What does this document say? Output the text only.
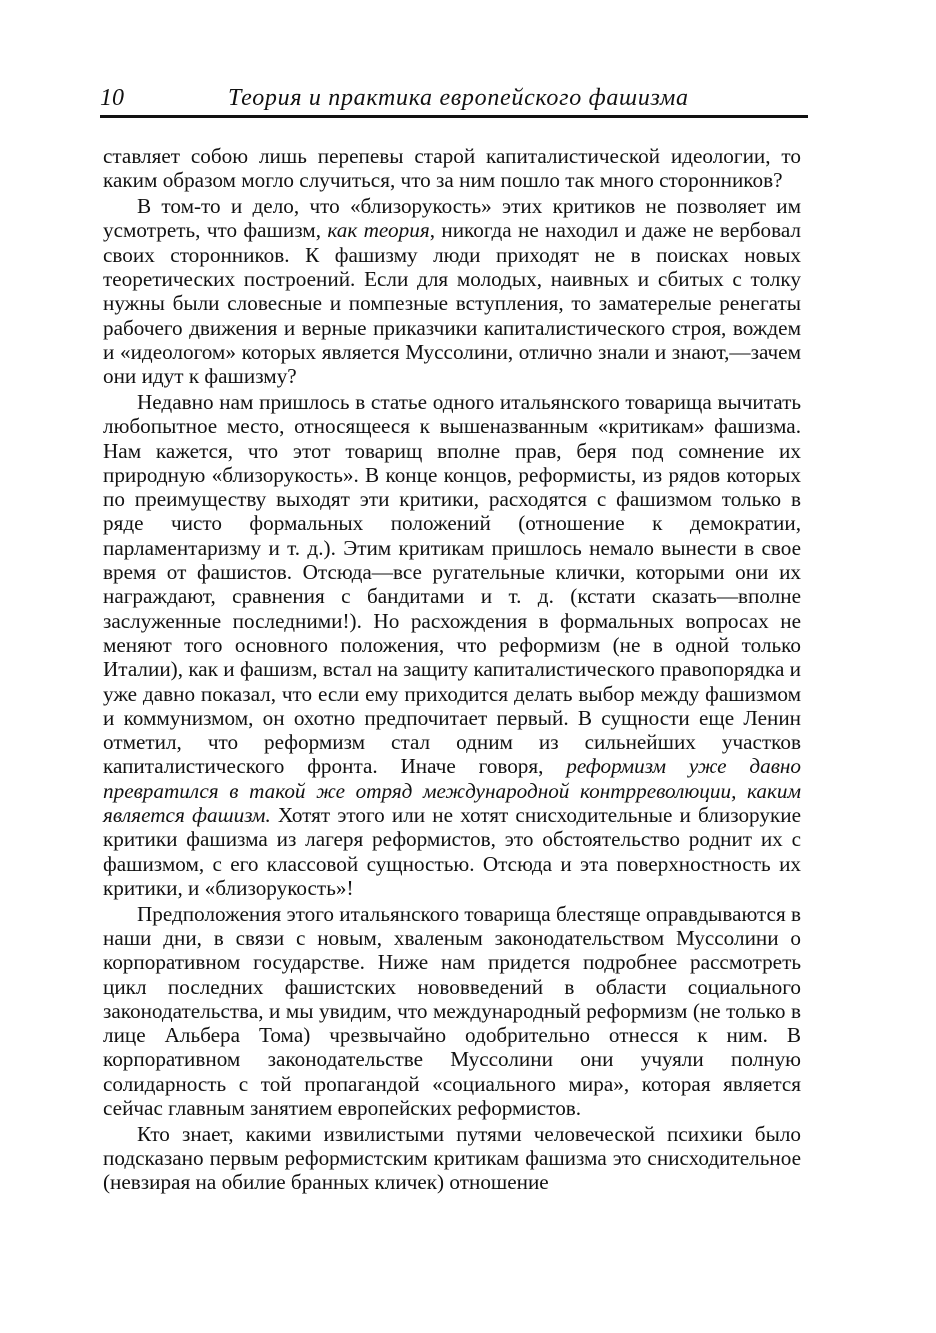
10	Теория и практика европейского фашизма

ставляет собою лишь перепевы старой капиталистической идеологии, то каким образом могло случиться, что за ним пошло так много сторонников?

В том-то и дело, что «близорукость» этих критиков не позволяет им усмотреть, что фашизм, как теория, никогда не находил и даже не вербовал своих сторонников. К фашизму люди приходят не в поисках новых теоретических построений. Если для молодых, наивных и сбитых с толку нужны были словесные и помпезные вступления, то заматерелые ренегаты рабочего движения и верные приказчики капиталистического строя, вождем и «идеологом» которых является Муссолини, отлично знали и знают,—зачем они идут к фашизму?

Недавно нам пришлось в статье одного итальянского товарища вычитать любопытное место, относящееся к вышеназванным «критикам» фашизма. Нам кажется, что этот товарищ вполне прав, беря под сомнение их природную «близорукость». В конце концов, реформисты, из рядов которых по преимуществу выходят эти критики, расходятся с фашизмом только в ряде чисто формальных положений (отношение к демократии, парламентаризму и т. д.). Этим критикам пришлось немало вынести в свое время от фашистов. Отсюда—все ругательные клички, которыми они их награждают, сравнения с бандитами и т. д. (кстати сказать—вполне заслуженные последними!). Но расхождения в формальных вопросах не меняют того основного положения, что реформизм (не в одной только Италии), как и фашизм, встал на защиту капиталистического правопорядка и уже давно показал, что если ему приходится делать выбор между фашизмом и коммунизмом, он охотно предпочитает первый. В сущности еще Ленин отметил, что реформизм стал одним из сильнейших участков капиталистического фронта. Иначе говоря, реформизм уже давно превратился в такой же отряд международной контрреволюции, каким является фашизм. Хотят этого или не хотят снисходительные и близорукие критики фашизма из лагеря реформистов, это обстоятельство роднит их с фашизмом, с его классовой сущностью. Отсюда и эта поверхностность их критики, и «близорукость»!

Предположения этого итальянского товарища блестяще оправдываются в наши дни, в связи с новым, хваленым законодательством Муссолини о корпоративном государстве. Ниже нам придется подробнее рассмотреть цикл последних фашистских нововведений в области социального законодательства, и мы увидим, что международный реформизм (не только в лице Альбера Тома) чрезвычайно одобрительно отнесся к ним. В корпоративном законодательстве Муссолини они учуяли полную солидарность с той пропагандой «социального мира», которая является сейчас главным занятием европейских реформистов.

Кто знает, какими извилистыми путями человеческой психики было подсказано первым реформистским критикам фашизма это снисходительное (невзирая на обилие бранных кличек) отношение
